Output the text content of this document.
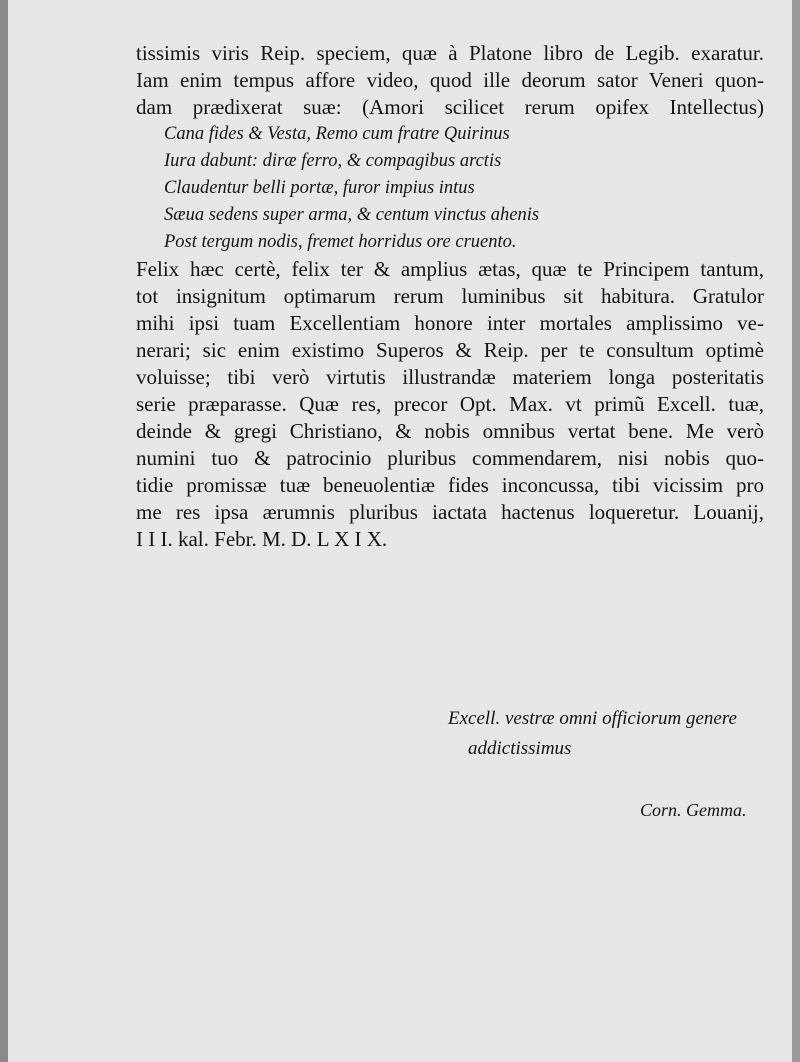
tissimis viris Reip. speciem, quæ à Platone libro de Legib. exaratur.
Iam enim tempus affore video, quod ille deorum sator Veneri quon-
dam prædixerat suæ: (Amori scilicet rerum opifex Intellectus)
Cana fides & Vesta, Remo cum fratre Quirinus
Iura dabunt: diræ ferro, & compagibus arctis
Claudentur belli portæ, furor impius intus
Sæua sedens super arma, & centum vinctus ahenis
Post tergum nodis, fremet horridus ore cruento.
Felix hæc certè, felix ter & amplius ætas, quæ te Principem tantum,
tot insignitum optimarum rerum luminibus sit habitura. Gratulor
mihi ipsi tuam Excellentiam honore inter mortales amplissimo ve-
nerari; sic enim existimo Superos & Reip. per te consultum optimè
voluisse; tibi verò virtutis illustrandæ materiem longa posteritatis
serie præparasse. Quæ res, precor Opt. Max. vt primũ Excell. tuæ,
deinde & gregi Christiano, & nobis omnibus vertat bene. Me verò
numini tuo & patrocinio pluribus commendarem, nisi nobis quo-
tidie promissæ tuæ beneuolentiæ fides inconcussa, tibi vicissim pro
me res ipsa ærumnis pluribus iactata hactenus loqueretur. Louanij,
I I I. kal. Febr. M. D. L X I X.
Excell. vestræ omni officiorum genere
addictissimus
Corn. Gemma.
